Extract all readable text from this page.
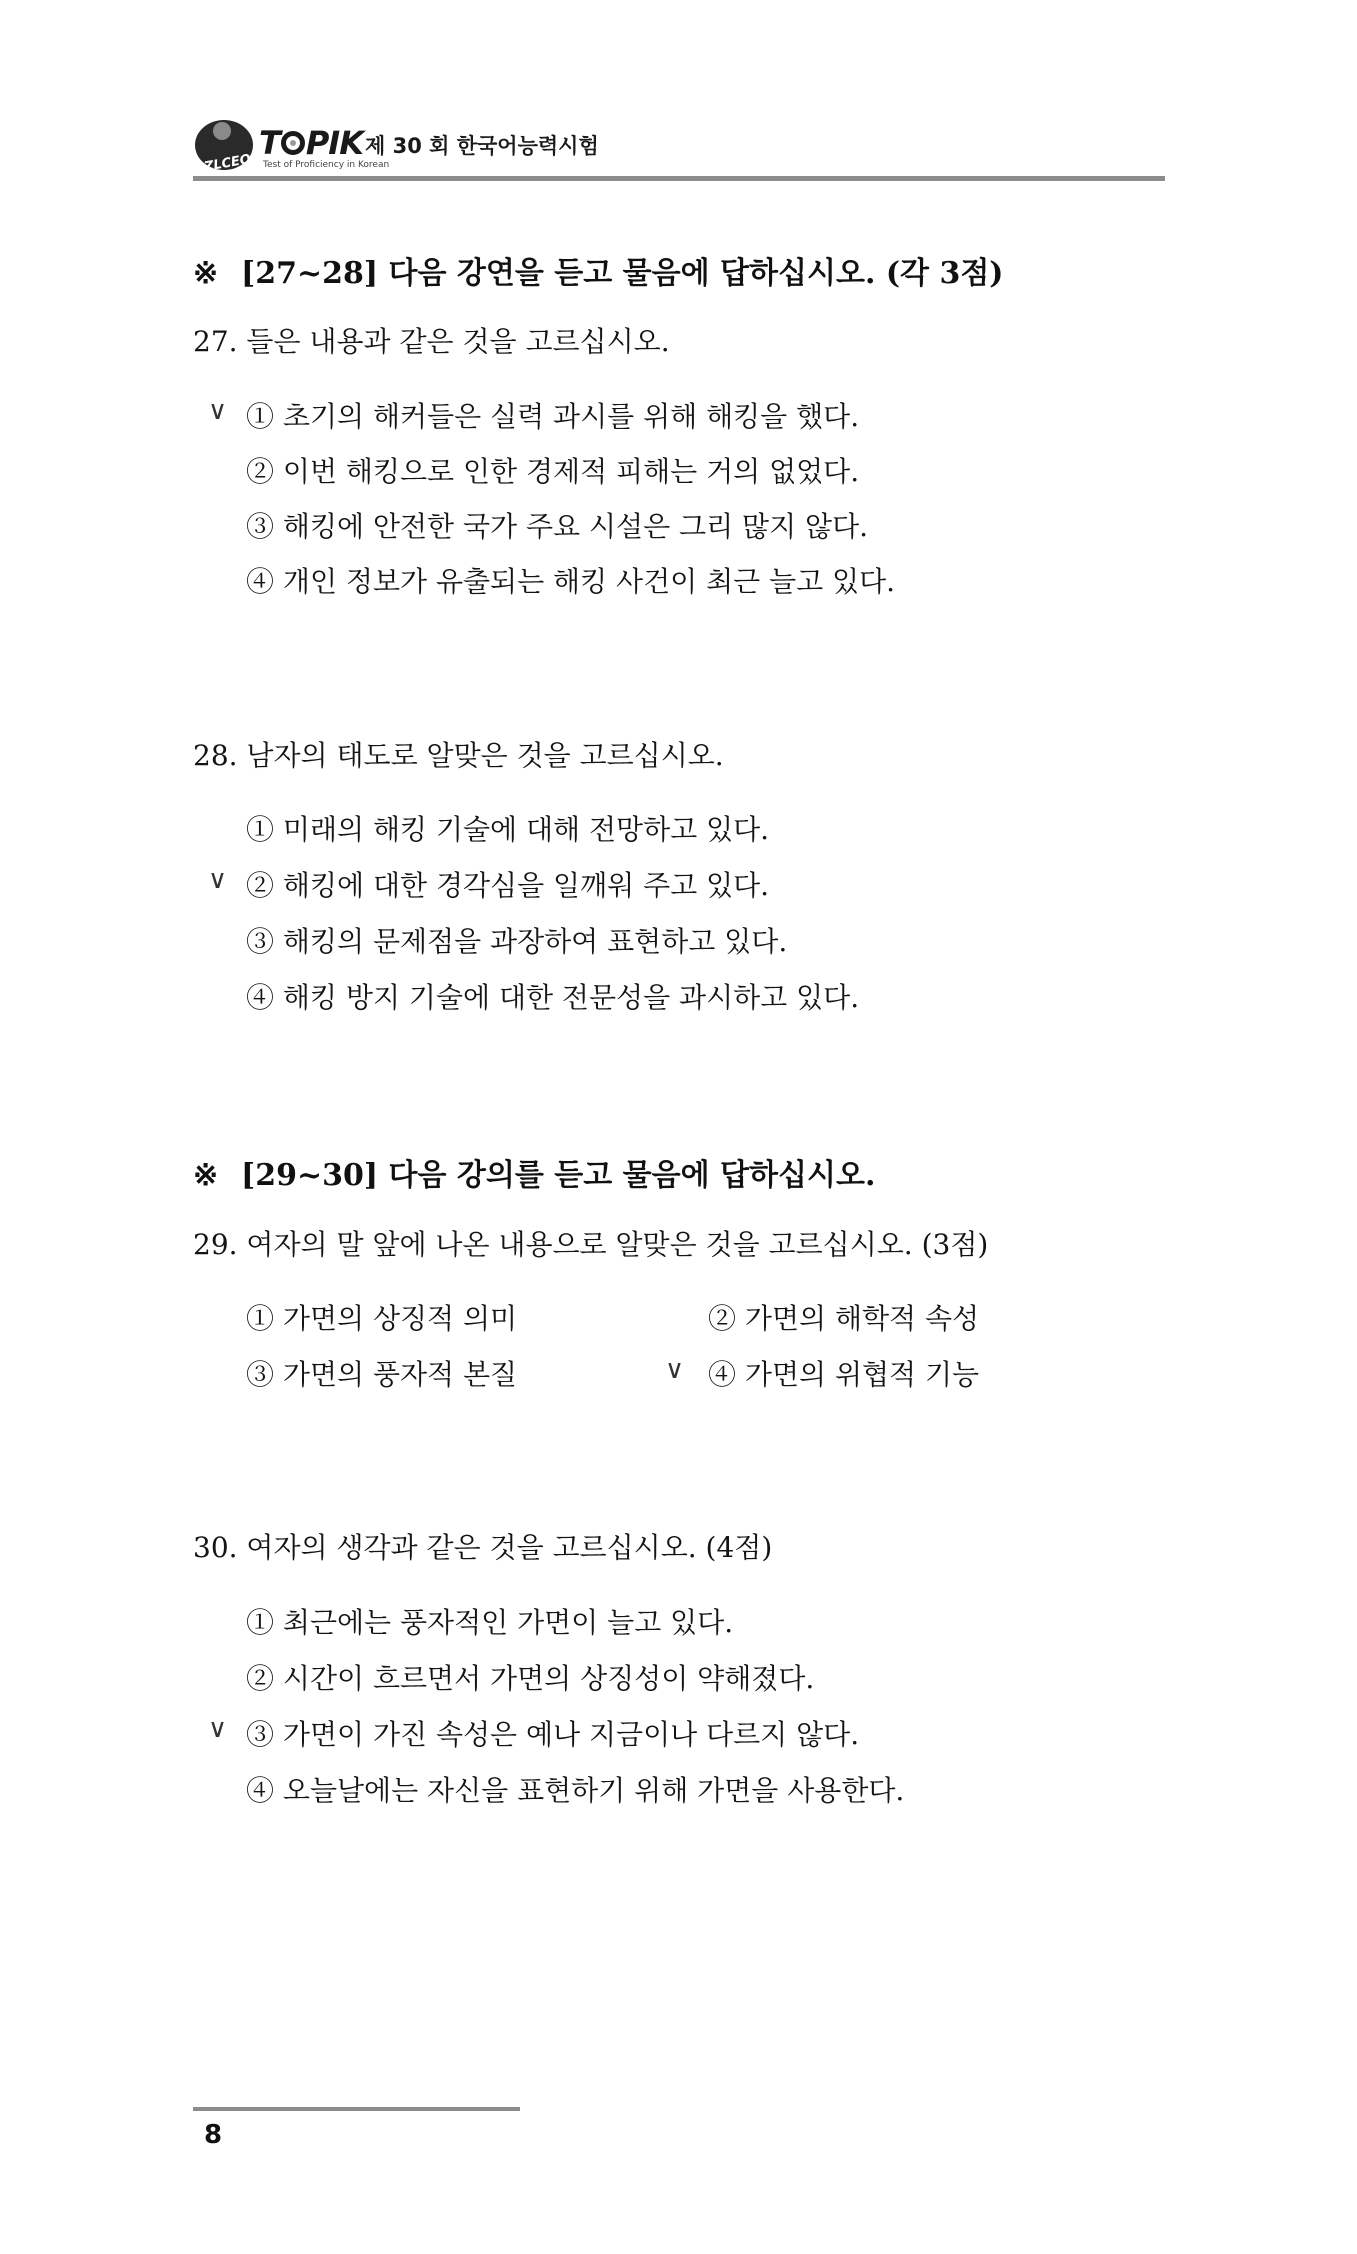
ZLCEO
T PIK
Test of Proficiency in Korean
제 30 회 한국어능력시험
※ [27~28] 다음 강연을 듣고 물음에 답하십시오. (각 3점)
27. 들은 내용과 같은 것을 고르십시오.
∨ ① 초기의 해커들은 실력 과시를 위해 해킹을 했다.
② 이번 해킹으로 인한 경제적 피해는 거의 없었다.
③ 해킹에 안전한 국가 주요 시설은 그리 많지 않다.
④ 개인 정보가 유출되는 해킹 사건이 최근 늘고 있다.
28. 남자의 태도로 알맞은 것을 고르십시오.
① 미래의 해킹 기술에 대해 전망하고 있다.
∨ ② 해킹에 대한 경각심을 일깨워 주고 있다.
③ 해킹의 문제점을 과장하여 표현하고 있다.
④ 해킹 방지 기술에 대한 전문성을 과시하고 있다.
※ [29~30] 다음 강의를 듣고 물음에 답하십시오.
29. 여자의 말 앞에 나온 내용으로 알맞은 것을 고르십시오. (3점)
① 가면의 상징적 의미	② 가면의 해학적 속성
③ 가면의 풍자적 본질	∨ ④ 가면의 위협적 기능
30. 여자의 생각과 같은 것을 고르십시오. (4점)
① 최근에는 풍자적인 가면이 늘고 있다.
② 시간이 흐르면서 가면의 상징성이 약해졌다.
∨ ③ 가면이 가진 속성은 예나 지금이나 다르지 않다.
④ 오늘날에는 자신을 표현하기 위해 가면을 사용한다.
8
